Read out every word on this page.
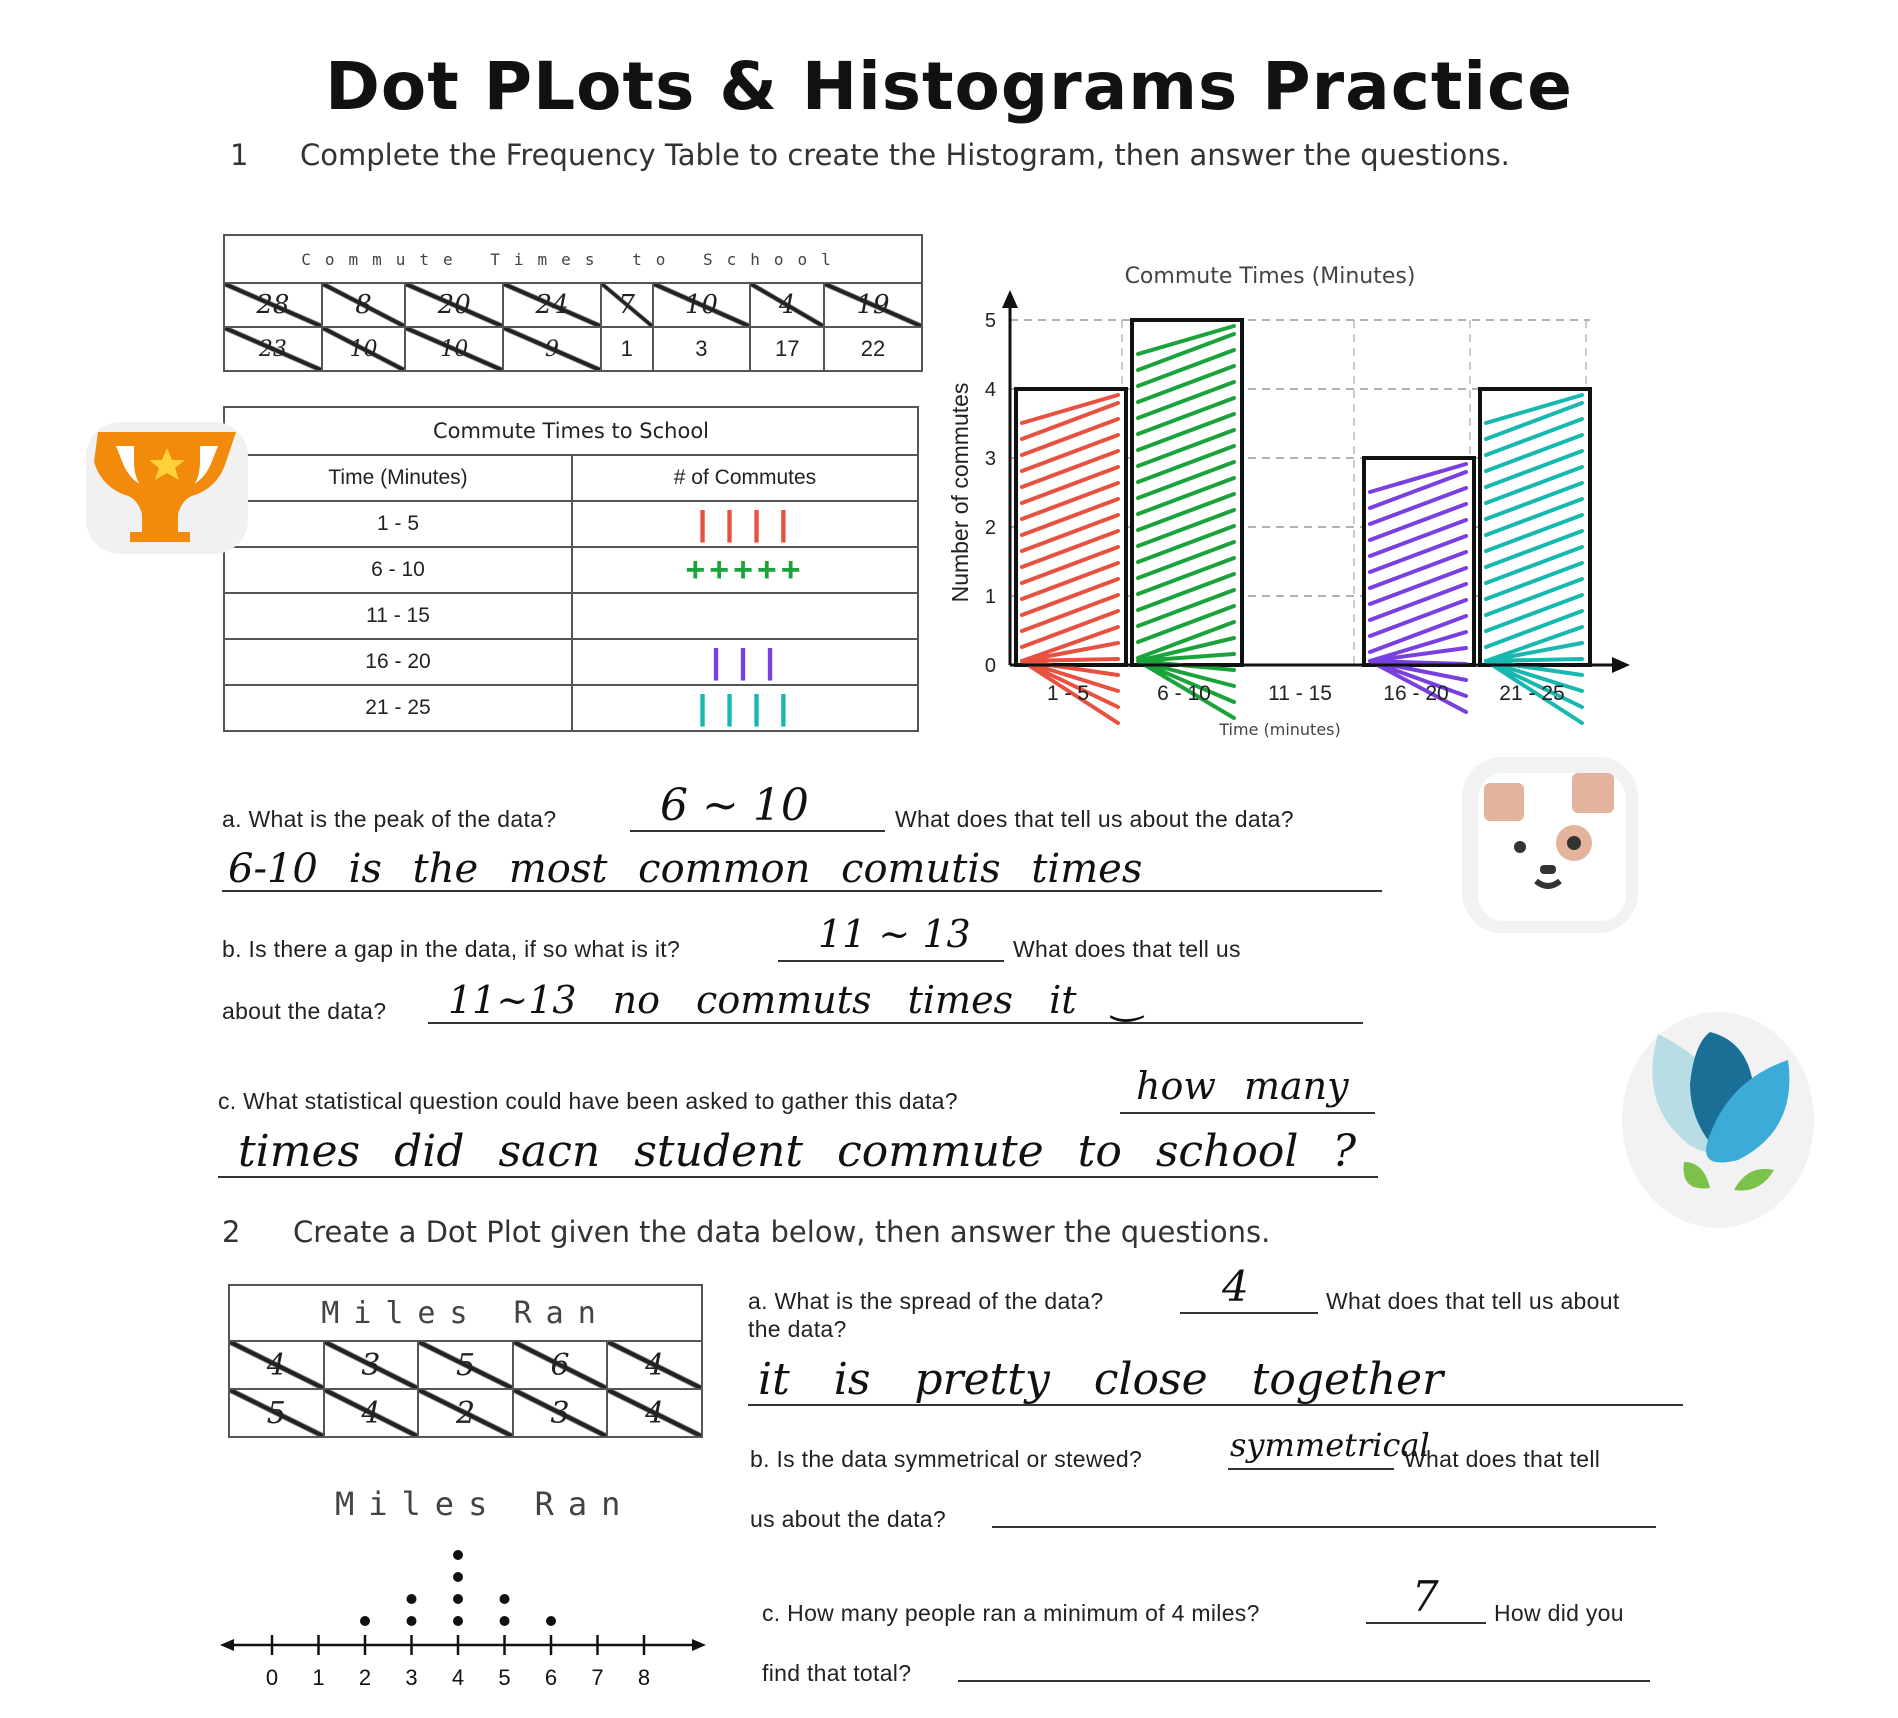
Dot PLots & Histograms Practice
1 Complete the Frequency Table to create the Histogram, then answer the questions.
Commute Times to School							
28	8	20	24	7	10	4	19
23	10	10	9	1	3	17	22
Commute Times to School	
Time (Minutes)	# of Commutes
1 - 5	| | | |
6 - 10	+++++
11 - 15	
16 - 20	| | |
21 - 25	| | | |
Commute Times (Minutes)
0
1
2
3
4
5
1 - 5	6 - 10	11 - 15 16 - 20 21 - 25
Time (minutes)
Number of commutes
a. What is the peak of the data? 6 ~ 10	What does that tell us about the data?
6-10 is the most common comutis times
b. Is there a gap in the data, if so what is it?	11 ~ 13 What does that tell us
about the data? 11~13 no commuts times it ‿
c. What statistical question could have been asked to gather this data?	how many
times did sacn student commute to school ?
2 Create a Dot Plot given the data below, then answer the questions.
Miles Ran				
4	3	5	6	4
5	4	2	3	4
Miles Ran
0 1 2 3 4 5 6 7 8
a. What is the spread of the data?	4	What does that tell us about
the data?
it is pretty close together
b. Is the data symmetrical or stewed?	symmetrical
What does that tell
us about the data?
c. How many people ran a minimum of 4 miles?	7 How did you
find that total?
